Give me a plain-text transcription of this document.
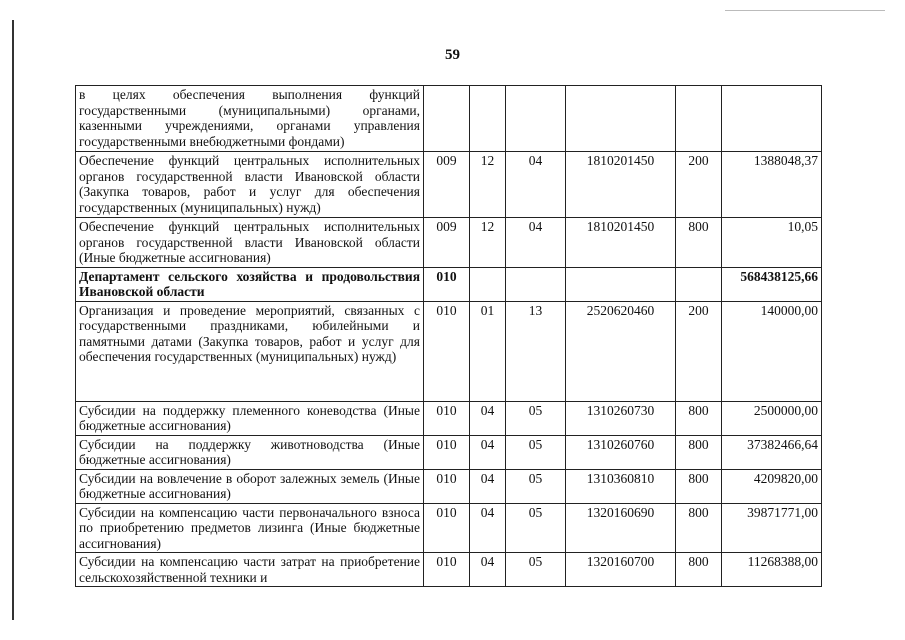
59
в целях обеспечения выполнения функций государственными (муниципальными) органами, казенными учреждениями, органами управления государственными внебюджетными фондами)						
Обеспечение функций центральных исполнительных органов государственной власти Ивановской области (Закупка товаров, работ и услуг для обеспечения государственных (муниципальных) нужд)	009	12	04	1810201450	200	1388048,37
Обеспечение функций центральных исполнительных органов государственной власти Ивановской области (Иные бюджетные ассигнования)	009	12	04	1810201450	800	10,05
Департамент сельского хозяйства и продовольствия Ивановской области	010					568438125,66
Организация и проведение мероприятий, связанных с государственными праздниками, юбилейными и памятными датами (Закупка товаров, работ и услуг для обеспечения государственных (муниципальных) нужд)	010	01	13	2520620460	200	140000,00
Субсидии на поддержку племенного коневодства (Иные бюджетные ассигнования)	010	04	05	1310260730	800	2500000,00
Субсидии на поддержку животноводства (Иные бюджетные ассигнования)	010	04	05	1310260760	800	37382466,64
Субсидии на вовлечение в оборот залежных земель (Иные бюджетные ассигнования)	010	04	05	1310360810	800	4209820,00
Субсидии на компенсацию части первоначального взноса по приобретению предметов лизинга (Иные бюджетные ассигнования)	010	04	05	1320160690	800	39871771,00
Субсидии на компенсацию части затрат на приобретение сельскохозяйственной техники и	010	04	05	1320160700	800	11268388,00
